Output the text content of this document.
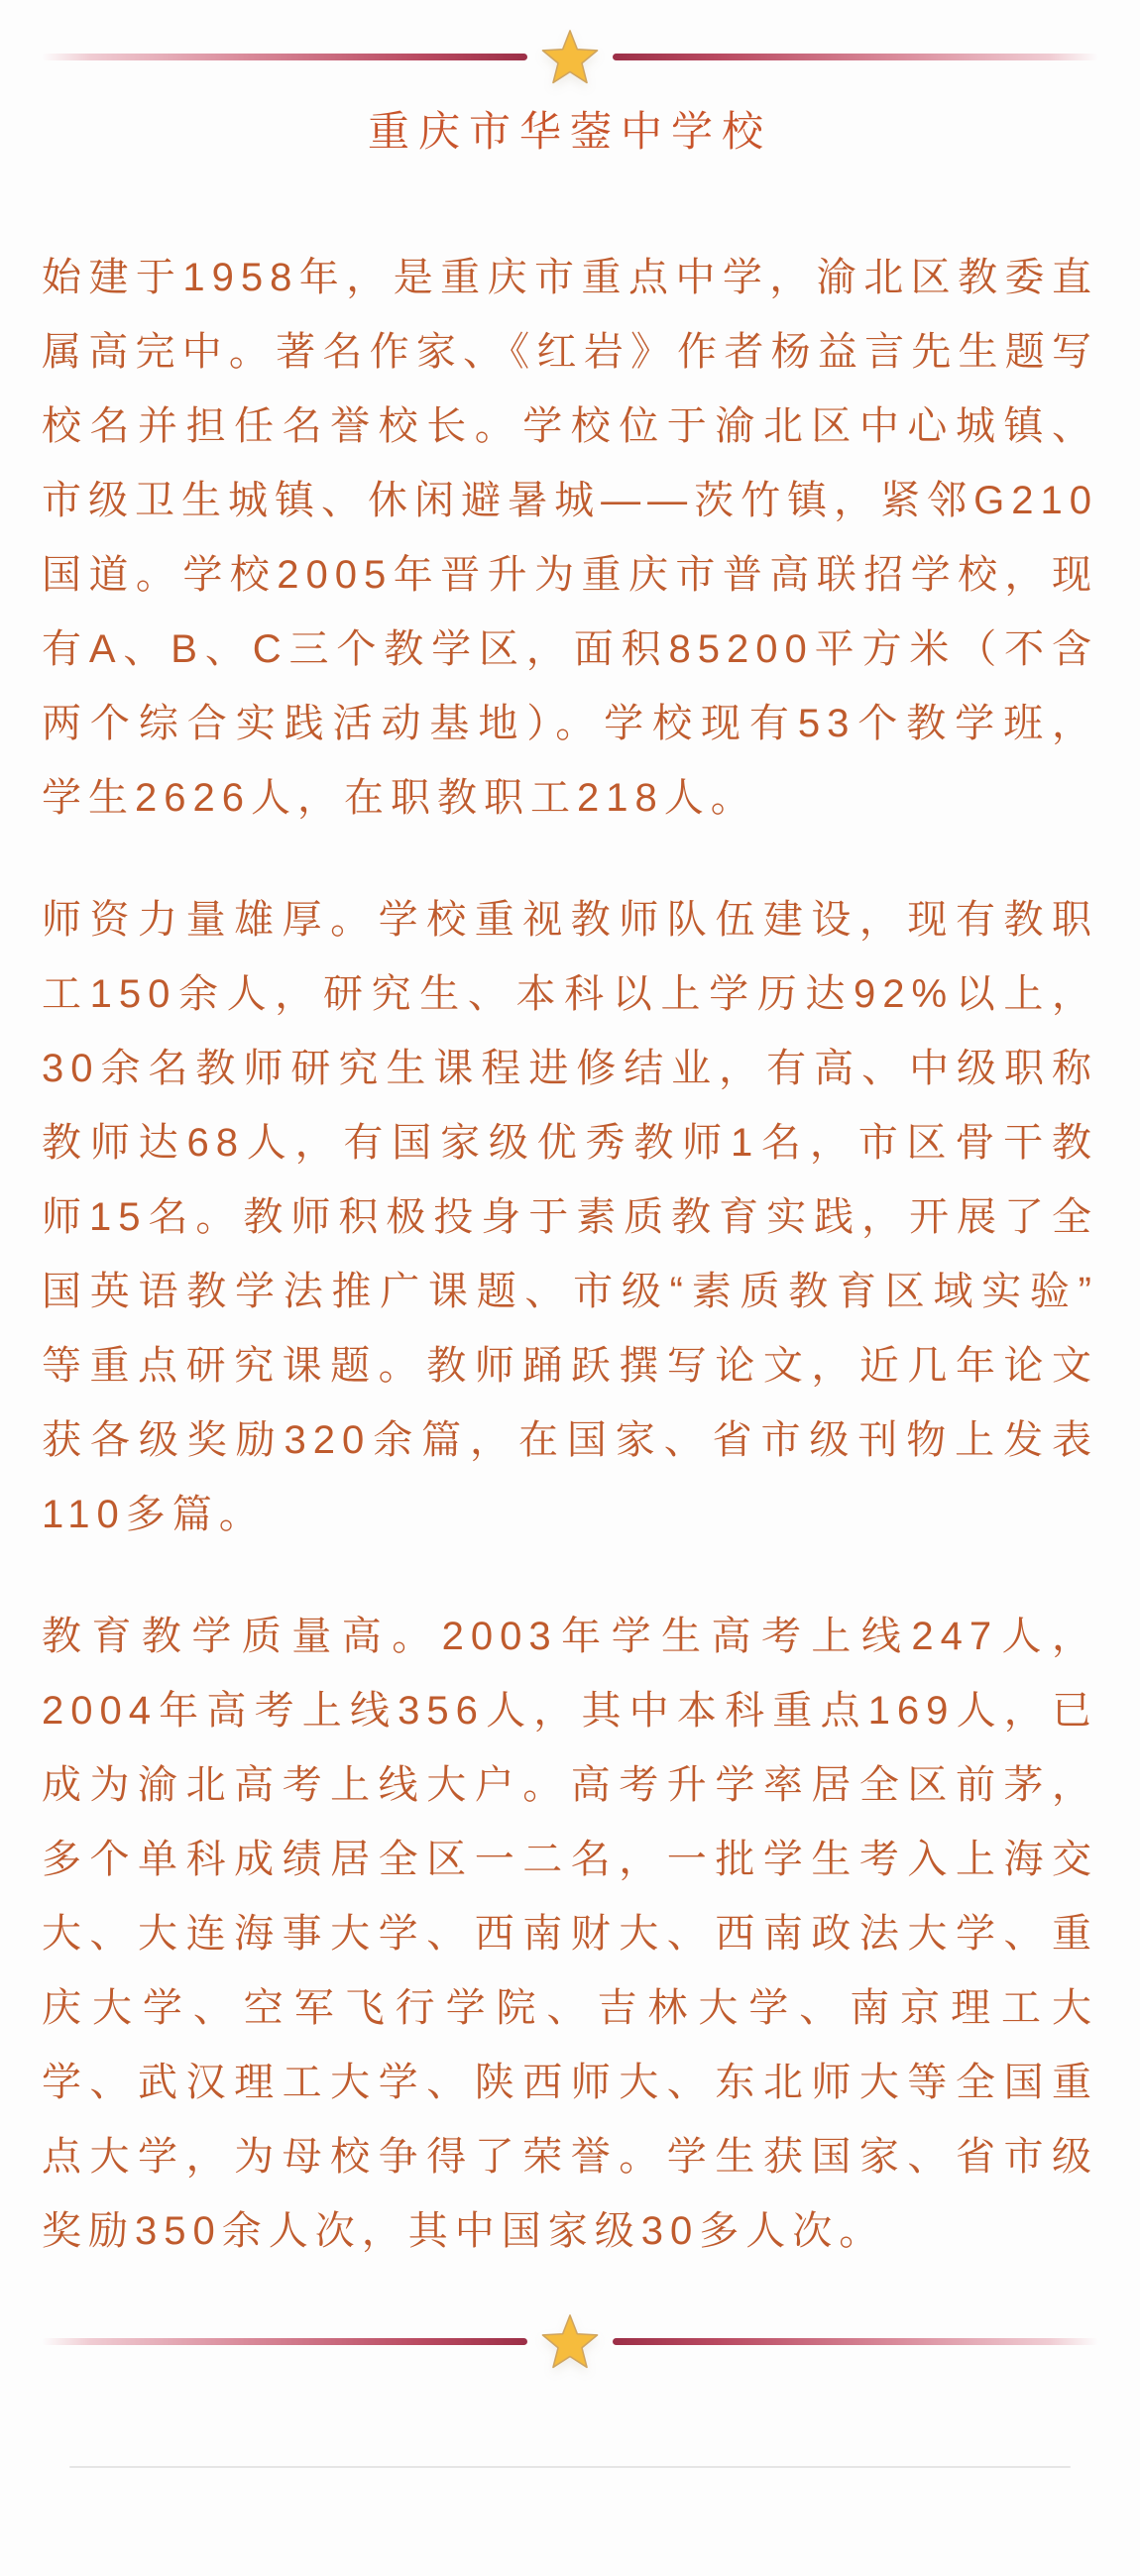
重庆市华蓥中学校

始建于1958年，是重庆市重点中学，渝北区教委直属高完中。著名作家、《红岩》作者杨益言先生题写校名并担任名誉校长。学校位于渝北区中心城镇、市级卫生城镇、休闲避暑城——茨竹镇，紧邻G210国道。学校2005年晋升为重庆市普高联招学校，现有A、B、C三个教学区，面积85200平方米（不含两个综合实践活动基地）。学校现有53个教学班，学生2626人，在职教职工218人。

师资力量雄厚。学校重视教师队伍建设，现有教职工150余人，研究生、本科以上学历达92%以上，30余名教师研究生课程进修结业，有高、中级职称教师达68人，有国家级优秀教师1名，市区骨干教师15名。教师积极投身于素质教育实践，开展了全国英语教学法推广课题、市级“素质教育区域实验”等重点研究课题。教师踊跃撰写论文，近几年论文获各级奖励320余篇，在国家、省市级刊物上发表110多篇。

教育教学质量高。2003年学生高考上线247人，2004年高考上线356人，其中本科重点169人，已成为渝北高考上线大户。高考升学率居全区前茅，多个单科成绩居全区一二名，一批学生考入上海交大、大连海事大学、西南财大、西南政法大学、重庆大学、空军飞行学院、吉林大学、南京理工大学、武汉理工大学、陕西师大、东北师大等全国重点大学，为母校争得了荣誉。学生获国家、省市级奖励350余人次，其中国家级30多人次。
